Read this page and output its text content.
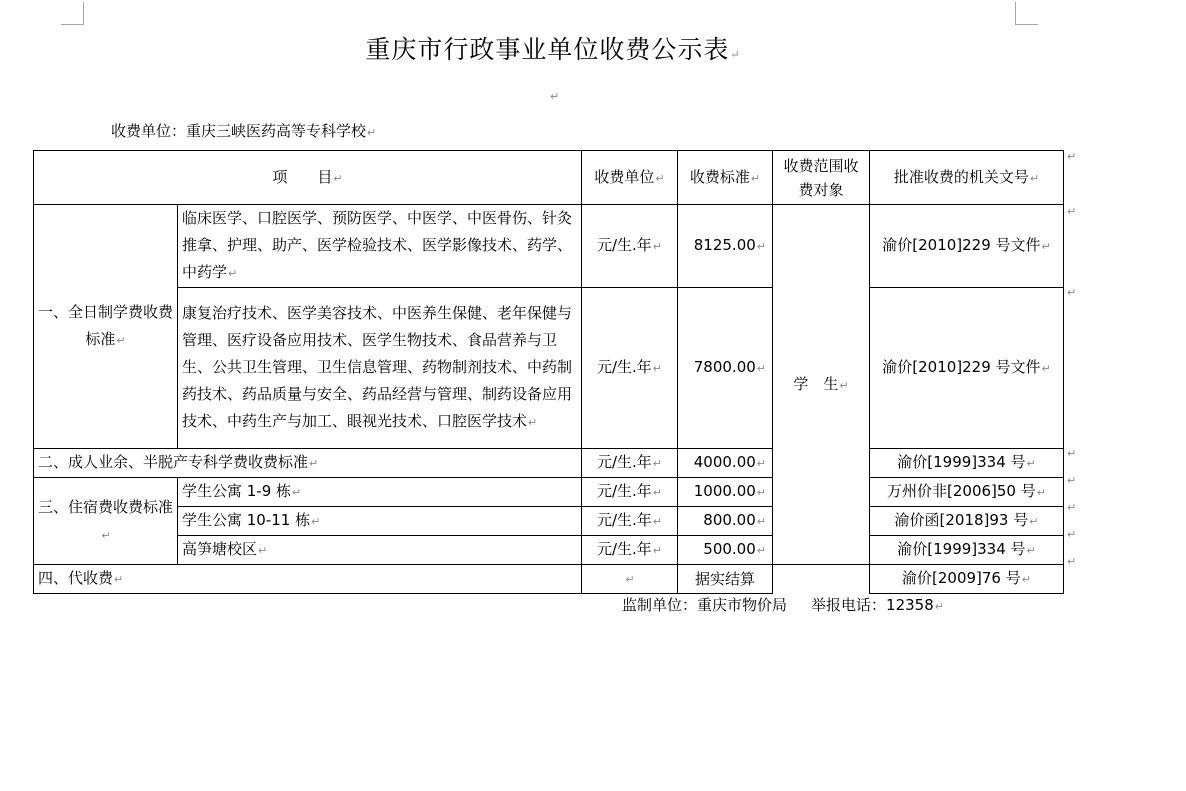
重庆市行政事业单位收费公示表↵
↵
收费单位：重庆三峡医药高等专科学校↵
项　　目↵		收费单位↵	收费标准↵	收费范围收费对象	批准收费的机关文号↵
一、全日制学费收费标准↵	临床医学、口腔医学、预防医学、中医学、中医骨伤、针灸推拿、护理、助产、医学检验技术、医学影像技术、药学、中药学↵	元/生.年↵	8125.00↵	学　生↵	渝价[2010]229 号文件↵
	康复治疗技术、医学美容技术、中医养生保健、老年保健与管理、医疗设备应用技术、医学生物技术、食品营养与卫生、公共卫生管理、卫生信息管理、药物制剂技术、中药制药技术、药品质量与安全、药品经营与管理、制药设备应用技术、中药生产与加工、眼视光技术、口腔医学技术↵	元/生.年↵	7800.00↵		渝价[2010]229 号文件↵
二、成人业余、半脱产专科学费收费标准↵		元/生.年↵	4000.00↵		渝价[1999]334 号↵
三、住宿费收费标准↵	学生公寓 1-9 栋↵	元/生.年↵	1000.00↵		万州价非[2006]50 号↵
	学生公寓 10-11 栋↵	元/生.年↵	800.00↵		渝价函[2018]93 号↵
	高笋塘校区↵	元/生.年↵	500.00↵		渝价[1999]334 号↵
四、代收费↵		↵	据实结算		渝价[2009]76 号↵
↵
↵
↵
↵
↵
↵
↵
↵
监制单位：重庆市物价局 举报电话：12358↵
